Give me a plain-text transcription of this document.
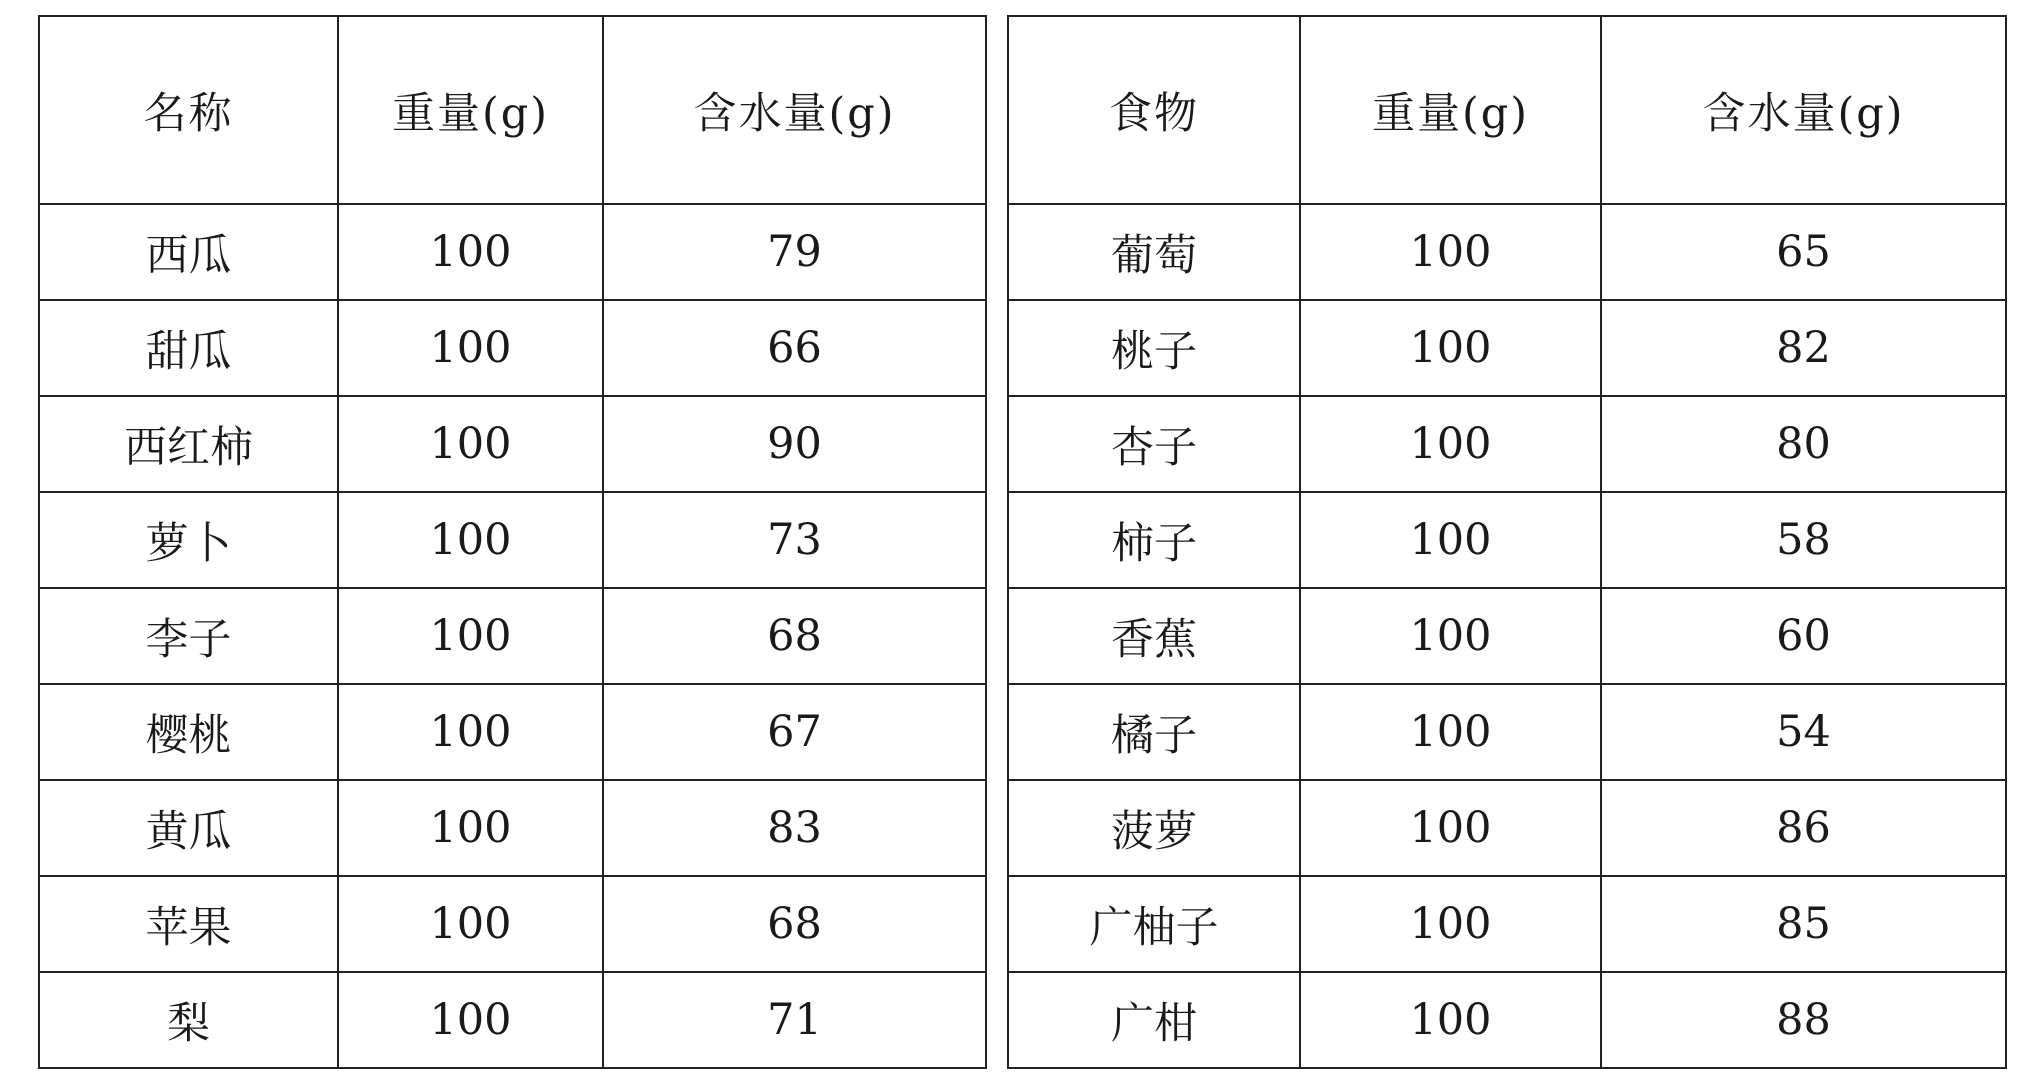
名称	重量(g)	含水量(g)
西瓜	100	79
甜瓜	100	66
西红柿	100	90
萝卜	100	73
李子	100	68
樱桃	100	67
黄瓜	100	83
苹果	100	68
梨	100	71
食物	重量(g)	含水量(g)
葡萄	100	65
桃子	100	82
杏子	100	80
柿子	100	58
香蕉	100	60
橘子	100	54
菠萝	100	86
广柚子	100	85
广柑	100	88
